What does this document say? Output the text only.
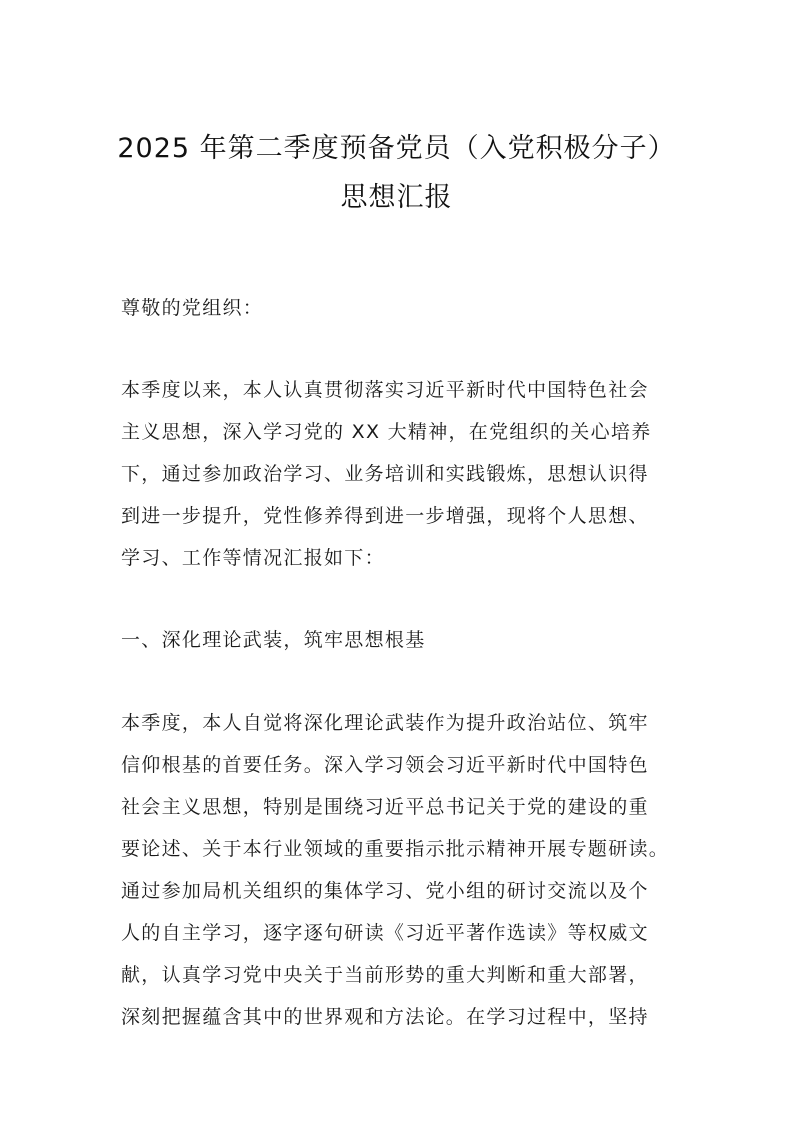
2025 年第二季度预备党员（入党积极分子）
思想汇报
尊敬的党组织：
本季度以来，本人认真贯彻落实习近平新时代中国特色社会
主义思想，深入学习党的 XX 大精神，在党组织的关心培养
下，通过参加政治学习、业务培训和实践锻炼，思想认识得
到进一步提升，党性修养得到进一步增强，现将个人思想、
学习、工作等情况汇报如下：
一、深化理论武装，筑牢思想根基
本季度，本人自觉将深化理论武装作为提升政治站位、筑牢
信仰根基的首要任务。深入学习领会习近平新时代中国特色
社会主义思想，特别是围绕习近平总书记关于党的建设的重
要论述、关于本行业领域的重要指示批示精神开展专题研读。
通过参加局机关组织的集体学习、党小组的研讨交流以及个
人的自主学习，逐字逐句研读《习近平著作选读》等权威文
献，认真学习党中央关于当前形势的重大判断和重大部署，
深刻把握蕴含其中的世界观和方法论。在学习过程中，坚持
